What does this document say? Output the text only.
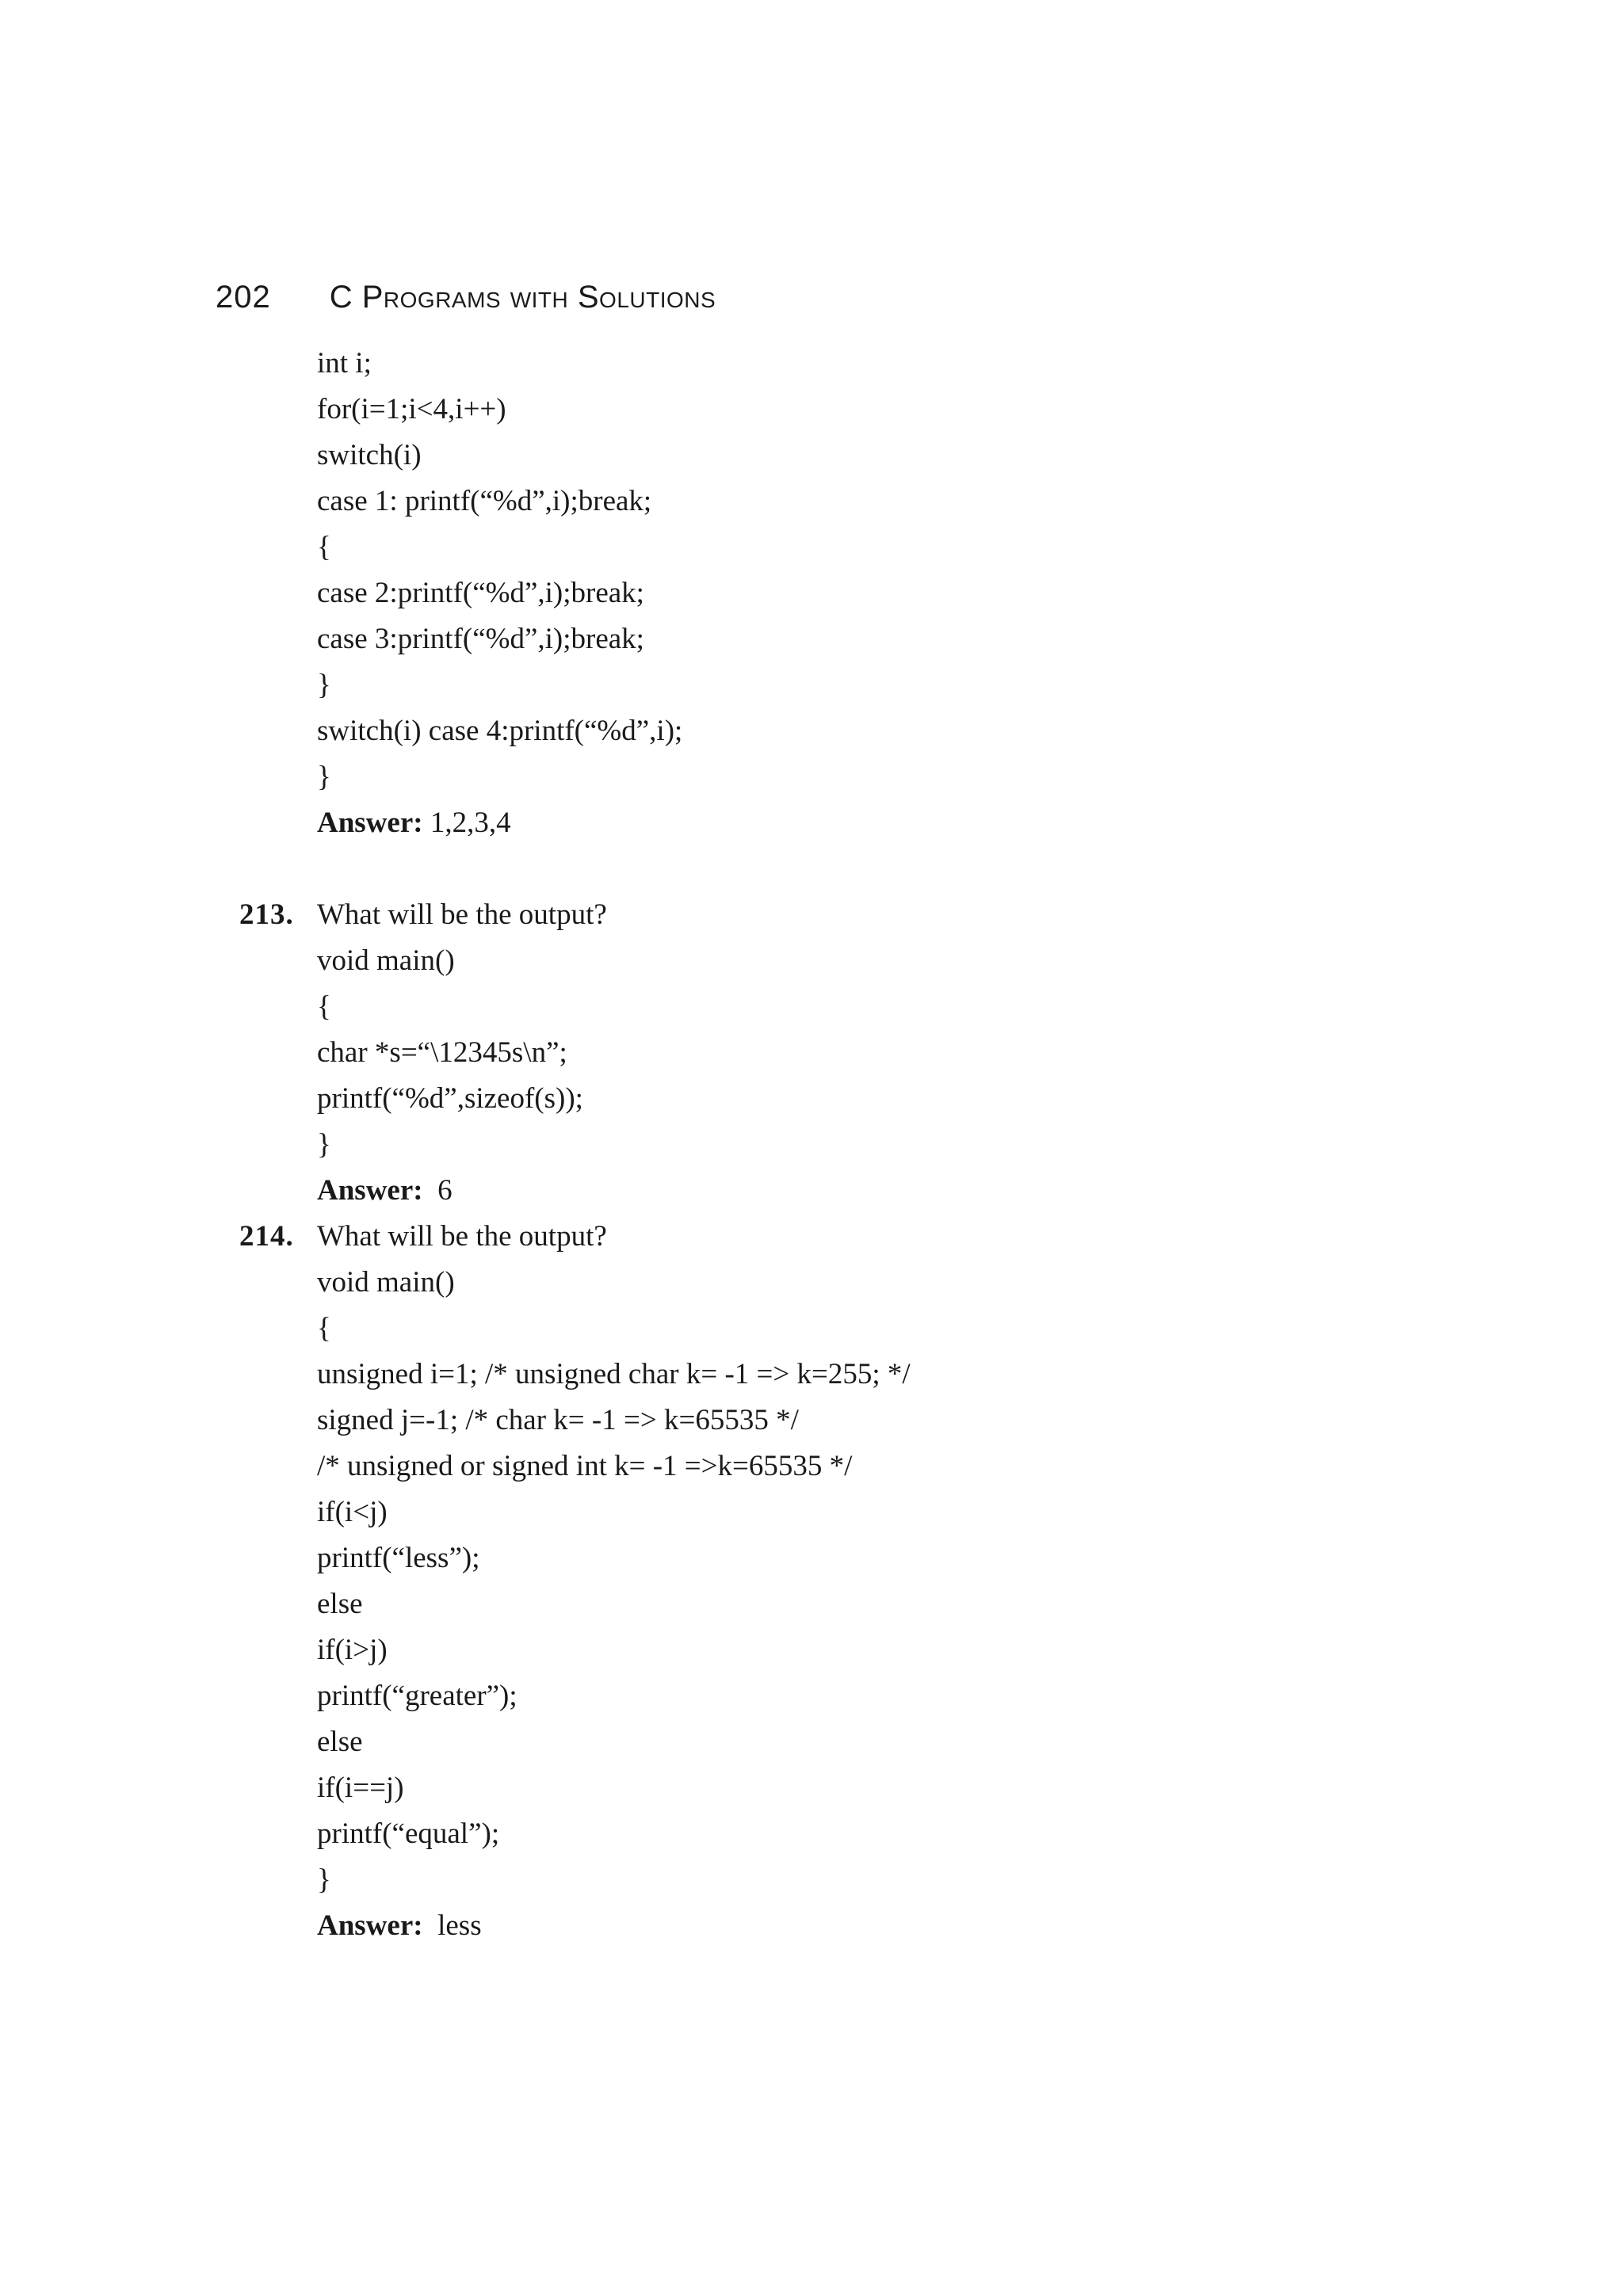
202 C Programs with Solutions
int i;
for(i=1;i<4,i++)
switch(i)
case 1: printf(“%d”,i);break;
{
case 2:printf(“%d”,i);break;
case 3:printf(“%d”,i);break;
}
switch(i) case 4:printf(“%d”,i);
}
Answer: 1,2,3,4
213. What will be the output?
void main()
{
char *s=“\12345s\n”;
printf(“%d”,sizeof(s));
}
Answer:  6
214. What will be the output?
void main()
{
unsigned i=1; /* unsigned char k= -1 => k=255; */
signed j=-1; /* char k= -1 => k=65535 */
/* unsigned or signed int k= -1 =>k=65535 */
if(i<j)
printf(“less”);
else
if(i>j)
printf(“greater”);
else
if(i==j)
printf(“equal”);
}
Answer:  less
